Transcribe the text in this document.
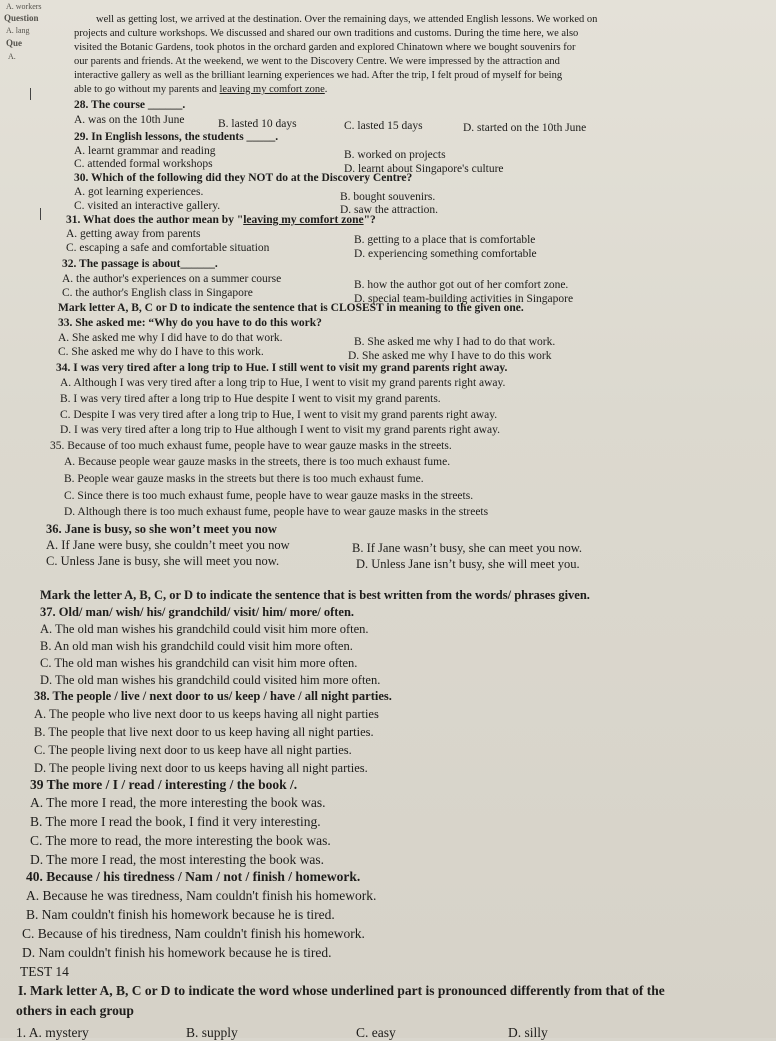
A. workers
Question
A. lang
Que
A.
well as getting lost, we arrived at the destination. Over the remaining days, we attended English lessons. We worked on
projects and culture workshops. We discussed and shared our own traditions and customs. During the time here, we also
visited the Botanic Gardens, took photos in the orchard garden and explored Chinatown where we bought souvenirs for
our parents and friends. At the weekend, we went to the Discovery Centre. We were impressed by the attraction and
interactive gallery as well as the brilliant learning experiences we had. After the trip, I felt proud of myself for being
able to go without my parents and leaving my comfort zone.
28. The course ______.
A. was on the 10th June	B. lasted 10 days	C. lasted 15 days	D. started on the 10th June
29. In English lessons, the students _____.
A. learnt grammar and reading	B. worked on projects
C. attended formal workshops	D. learnt about Singapore's culture
30. Which of the following did they NOT do at the Discovery Centre?
A. got learning experiences.	B. bought souvenirs.
C. visited an interactive gallery.	D. saw the attraction.
31. What does the author mean by "leaving my comfort zone"?
A. getting away from parents	B. getting to a place that is comfortable
C. escaping a safe and comfortable situation	D. experiencing something comfortable
32. The passage is about______.
A. the author's experiences on a summer course	B. how the author got out of her comfort zone.
C. the author's English class in Singapore	D. special team-building activities in Singapore
Mark letter A, B, C or D to indicate the sentence that is CLOSEST in meaning to the given one.
33. She asked me: “Why do you have to do this work?
A. She asked me why I did have to do that work.	B. She asked me why I had to do that work.
C. She asked me why do I have to this work.	D. She asked me why I have to do this work
34. I was very tired after a long trip to Hue. I still went to visit my grand parents right away.
A. Although I was very tired after a long trip to Hue, I went to visit my grand parents right away.
B. I was very tired after a long trip to Hue despite I went to visit my grand parents.
C. Despite I was very tired after a long trip to Hue, I went to visit my grand parents right away.
D. I was very tired after a long trip to Hue although I went to visit my grand parents right away.
35. Because of too much exhaust fume, people have to wear gauze masks in the streets.
A. Because people wear gauze masks in the streets, there is too much exhaust fume.
B. People wear gauze masks in the streets but there is too much exhaust fume.
C. Since there is too much exhaust fume, people have to wear gauze masks in the streets.
D. Although there is too much exhaust fume, people have to wear gauze masks in the streets
36. Jane is busy, so she won’t meet you now
A. If Jane were busy, she couldn’t meet you now	B. If Jane wasn’t busy, she can meet you now.
C. Unless Jane is busy, she will meet you now.	D. Unless Jane isn’t busy, she will meet you.
Mark the letter A, B, C, or D to indicate the sentence that is best written from the words/ phrases given.
37. Old/ man/ wish/ his/ grandchild/ visit/ him/ more/ often.
A. The old man wishes his grandchild could visit him more often.
B. An old man wish his grandchild could visit him more often.
C. The old man wishes his grandchild can visit him more often.
D. The old man wishes his grandchild could visited him more often.
38. The people / live / next door to us/ keep / have / all night parties.
A. The people who live next door to us keeps having all night parties
B. The people that live next door to us keep having all night parties.
C. The people living next door to us keep have all night parties.
D. The people living next door to us keeps having all night parties.
39 The more / I / read / interesting / the book /.
A. The more I read, the more interesting the book was.
B. The more I read the book, I find it very interesting.
C. The more to read, the more interesting the book was.
D. The more I read, the most interesting the book was.
40. Because / his tiredness / Nam / not / finish / homework.
A. Because he was tiredness, Nam couldn't finish his homework.
B. Nam couldn't finish his homework because he is tired.
C. Because of his tiredness, Nam couldn't finish his homework.
D. Nam couldn't finish his homework because he is tired.
TEST 14
I. Mark letter A, B, C or D to indicate the word whose underlined part is pronounced differently from that of the
others in each group
1. A. mystery	B. supply	C. easy	D. silly
